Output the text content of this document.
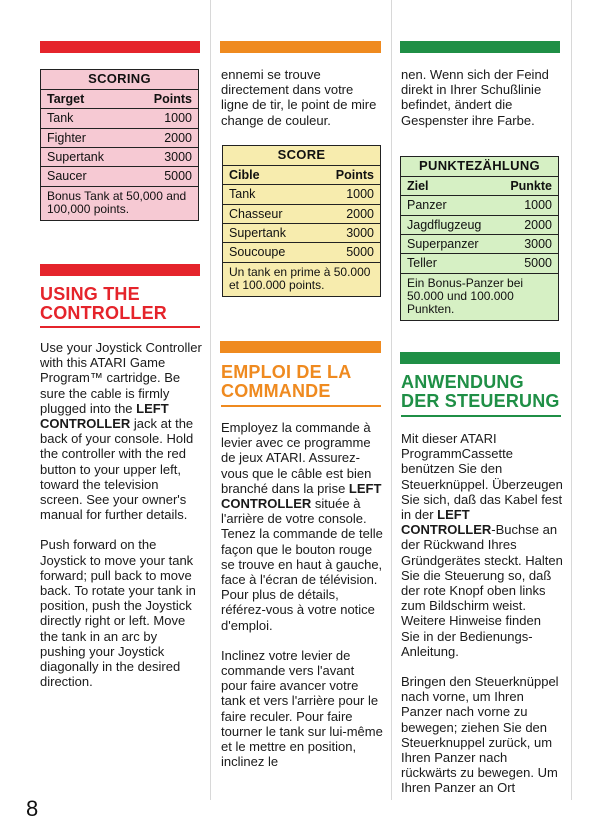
SCORING
Target	Points
Tank	1000
Fighter	2000
Supertank	3000
Saucer	5000
Bonus Tank at 50,000 and 100,000 points.
USING THE CONTROLLER

Use your Joystick Controller with this ATARI Game Program™ cartridge. Be sure the cable is firmly plugged into the LEFT CONTROLLER jack at the back of your console. Hold the controller with the red button to your upper left, toward the television screen. See your owner's manual for further details.

Push forward on the Joystick to move your tank forward; pull back to move back. To rotate your tank in position, push the Joystick directly right or left. Move the tank in an arc by pushing your Joystick diagonally in the desired direction.

ennemi se trouve directement dans votre ligne de tir, le point de mire change de couleur.
SCORE
Cible	Points
Tank	1000
Chasseur	2000
Supertank	3000
Soucoupe	5000
Un tank en prime à 50.000 et 100.000 points.
EMPLOI DE LA COMMANDE

Employez la commande à levier avec ce programme de jeux ATARI. Assurez-vous que le câble est bien branché dans la prise LEFT CONTROLLER située à l'arrière de votre console. Tenez la commande de telle façon que le bouton rouge se trouve en haut à gauche, face à l'écran de télévision. Pour plus de détails, référez-vous à votre notice d'emploi.

Inclinez votre levier de commande vers l'avant pour faire avancer votre tank et vers l'arrière pour le faire reculer. Pour faire tourner le tank sur lui-même et le mettre en position, inclinez le

nen. Wenn sich der Feind direkt in Ihrer Schußlinie befindet, ändert die Gespenster ihre Farbe.
PUNKTEZÄHLUNG
Ziel	Punkte
Panzer	1000
Jagdflugzeug	2000
Superpanzer	3000
Teller	5000
Ein Bonus-Panzer bei 50.000 und 100.000 Punkten.
ANWENDUNG DER STEUERUNG

Mit dieser ATARI ProgrammCassette benützen Sie den Steuerknüppel. Überzeugen Sie sich, daß das Kabel fest in der LEFT CONTROLLER-Buchse an der Rückwand Ihres Gründgerätes steckt. Halten Sie die Steuerung so, daß der rote Knopf oben links zum Bildschirm weist. Weitere Hinweise finden Sie in der Bedienungs-Anleitung.

Bringen den Steuerknüppel nach vorne, um Ihren Panzer nach vorne zu bewegen; ziehen Sie den Steuerknuppel zurück, um Ihren Panzer nach rückwärts zu bewegen. Um Ihren Panzer an Ort

8
